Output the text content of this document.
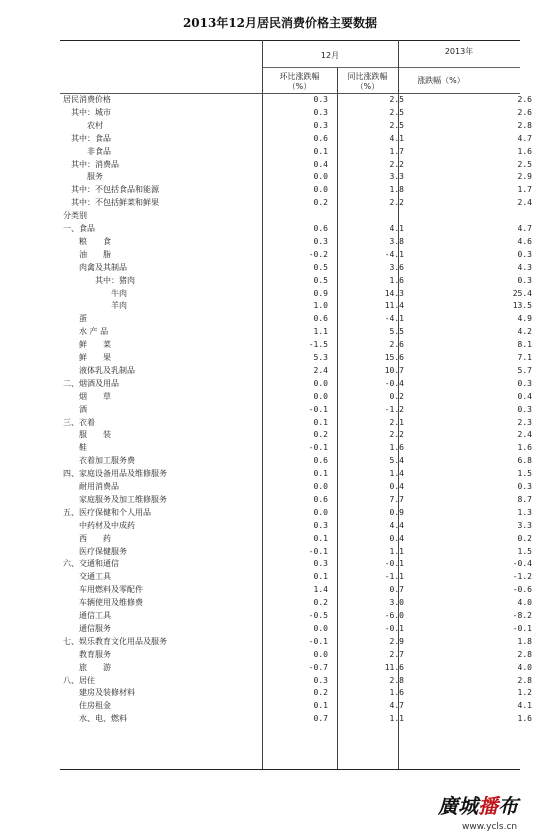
2013年12月居民消费价格主要数据
12月	2013年
环比涨跌幅
（%）
同比涨跌幅
（%）
涨跌幅（%）
居民消费价格	0.3	2.5	2.6
其中：城市	0.3	2.5	2.6
农村	0.3	2.5	2.8
其中：食品	0.6	4.1	4.7
非食品	0.1	1.7	1.6
其中：消费品	0.4	2.2	2.5
服务	0.0	3.3	2.9
其中：不包括食品和能源	0.0	1.8	1.7
其中：不包括鲜菜和鲜果	0.2	2.2	2.4
分类别
一、食品	0.6	4.1	4.7
粮　　食	0.3	3.8	4.6
油　　脂	-0.2	-4.1	0.3
肉禽及其制品	0.5	3.6	4.3
其中：猪肉	0.5	1.6	0.3
牛肉	0.9	14.3	25.4
羊肉	1.0	11.4	13.5
蛋	0.6	-4.1	4.9
水 产 品	1.1	5.5	4.2
鲜　　菜	-1.5	2.6	8.1
鲜　　果	5.3	15.6	7.1
液体乳及乳制品	2.4	10.7	5.7
二、烟酒及用品	0.0	-0.4	0.3
烟　　草	0.0	0.2	0.4
酒	-0.1	-1.2	0.3
三、衣着	0.1	2.1	2.3
服　　装	0.2	2.2	2.4
鞋	-0.1	1.6	1.6
衣着加工服务费	0.6	5.4	6.8
四、家庭设备用品及维修服务	0.1	1.4	1.5
耐用消费品	0.0	0.4	0.3
家庭服务及加工维修服务	0.6	7.7	8.7
五、医疗保健和个人用品	0.0	0.9	1.3
中药材及中成药	0.3	4.4	3.3
西　　药	0.1	0.4	0.2
医疗保健服务	-0.1	1.1	1.5
六、交通和通信	0.3	-0.1	-0.4
交通工具	0.1	-1.1	-1.2
车用燃料及零配件	1.4	0.7	-0.6
车辆使用及维修费	0.2	3.0	4.0
通信工具	-0.5	-6.0	-8.2
通信服务	0.0	-0.1	-0.1
七、娱乐教育文化用品及服务	-0.1	2.9	1.8
教育服务	0.0	2.7	2.8
旅　　游	-0.7	11.6	4.0
八、居住	0.3	2.8	2.8
建房及装修材料	0.2	1.6	1.2
住房租金	0.1	4.7	4.1
水、电、燃料	0.7	1.1	1.6
廣城播布
www.ycls.cn
